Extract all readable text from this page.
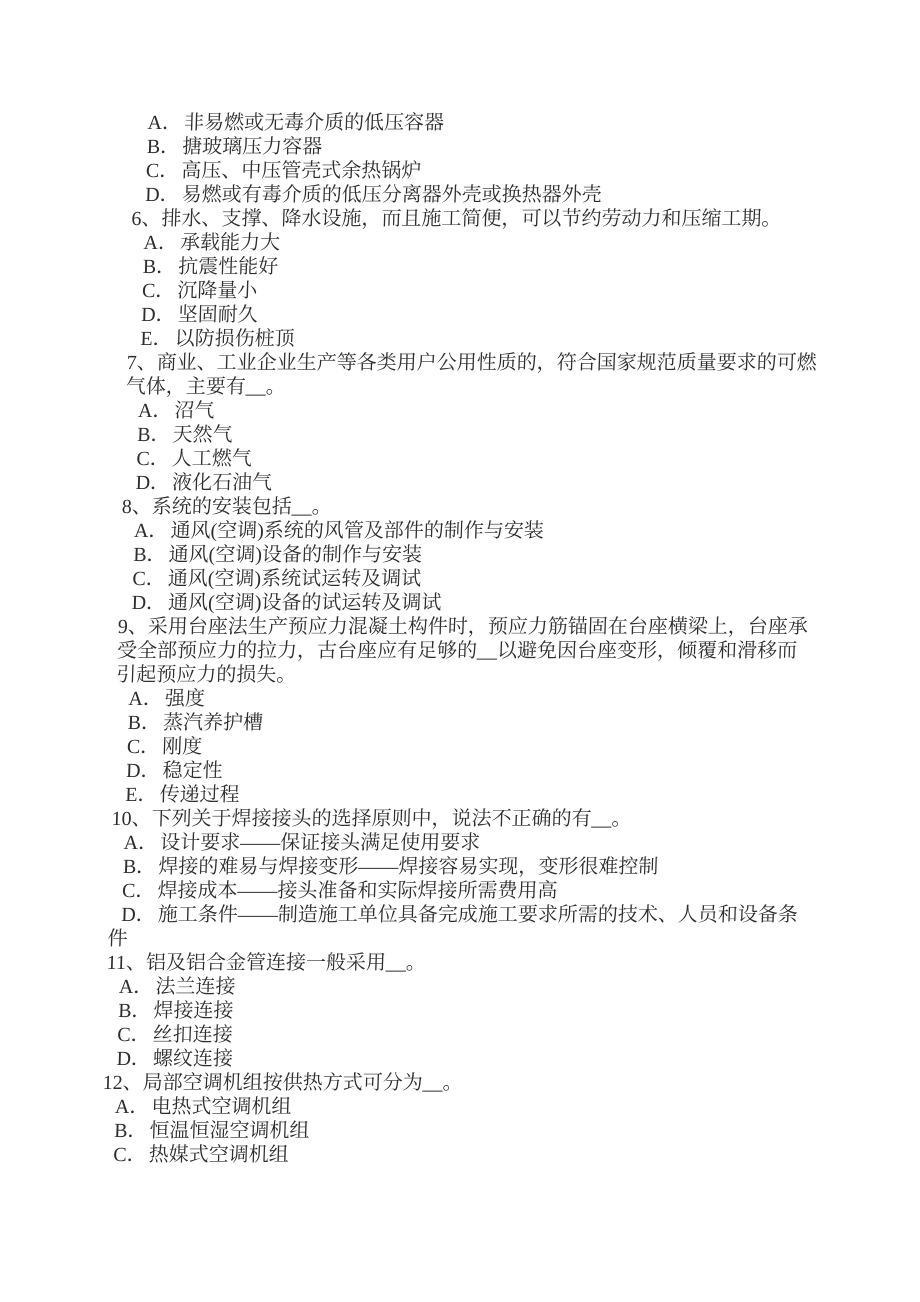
A．非易燃或无毒介质的低压容器
B．搪玻璃压力容器
C．高压、中压管壳式余热锅炉
D．易燃或有毒介质的低压分离器外壳或换热器外壳
6、排水、支撑、降水设施，而且施工简便，可以节约劳动力和压缩工期。
A．承载能力大
B．抗震性能好
C．沉降量小
D．坚固耐久
E．以防损伤桩顶
7、商业、工业企业生产等各类用户公用性质的，符合国家规范质量要求的可燃
气体，主要有__。
A．沼气
B．天然气
C．人工燃气
D．液化石油气
8、系统的安装包括__。
A．通风(空调)系统的风管及部件的制作与安装
B．通风(空调)设备的制作与安装
C．通风(空调)系统试运转及调试
D．通风(空调)设备的试运转及调试
9、采用台座法生产预应力混凝土构件时，预应力筋锚固在台座横梁上，台座承
受全部预应力的拉力，古台座应有足够的__以避免因台座变形，倾覆和滑移而
引起预应力的损失。
A．强度
B．蒸汽养护槽
C．刚度
D．稳定性
E．传递过程
10、下列关于焊接接头的选择原则中，说法不正确的有__。
A．设计要求——保证接头满足使用要求
B．焊接的难易与焊接变形——焊接容易实现，变形很难控制
C．焊接成本——接头准备和实际焊接所需费用高
D．施工条件——制造施工单位具备完成施工要求所需的技术、人员和设备条
件
11、铝及铝合金管连接一般采用__。
A．法兰连接
B．焊接连接
C．丝扣连接
D．螺纹连接
12、局部空调机组按供热方式可分为__。
A．电热式空调机组
B．恒温恒湿空调机组
C．热媒式空调机组
